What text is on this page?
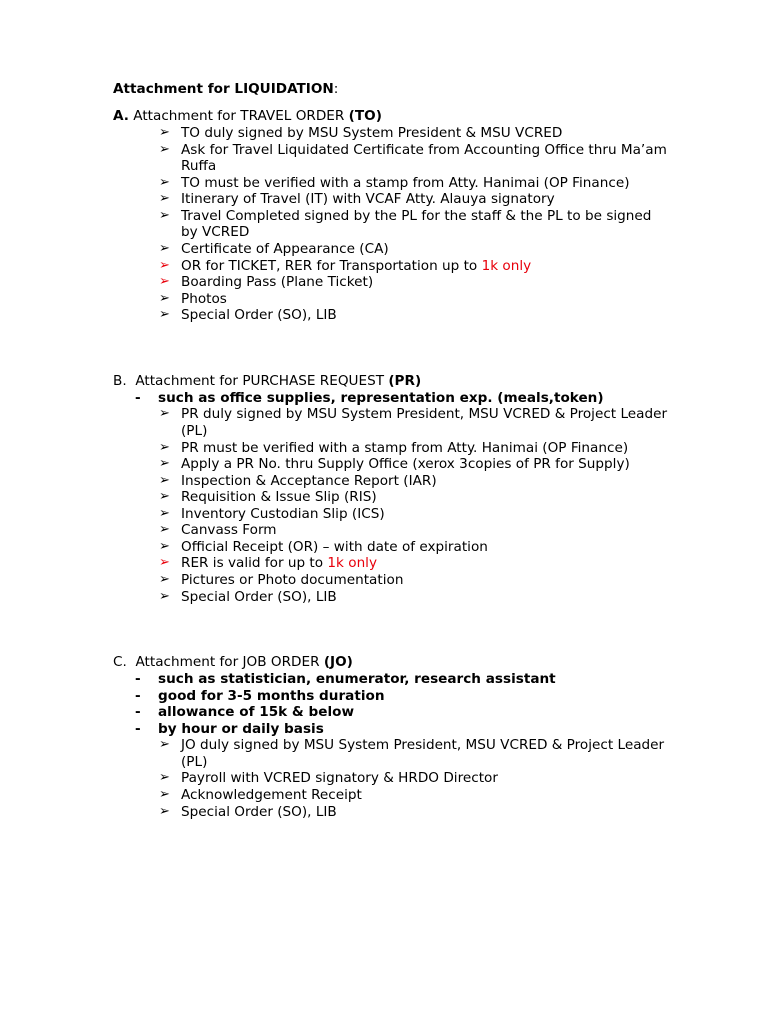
Attachment for LIQUIDATION:
A. Attachment for TRAVEL ORDER (TO)
➢ TO duly signed by MSU System President & MSU VCRED
➢ Ask for Travel Liquidated Certificate from Accounting Office thru Ma’am
Ruffa
➢ TO must be verified with a stamp from Atty. Hanimai (OP Finance)
➢ Itinerary of Travel (IT) with VCAF Atty. Alauya signatory
➢ Travel Completed signed by the PL for the staff & the PL to be signed
by VCRED
➢ Certificate of Appearance (CA)
➢ OR for TICKET, RER for Transportation up to 1k only
➢ Boarding Pass (Plane Ticket)
➢ Photos
➢ Special Order (SO), LIB
B. Attachment for PURCHASE REQUEST (PR)
- such as office supplies, representation exp. (meals,token)
➢ PR duly signed by MSU System President, MSU VCRED & Project Leader
(PL)
➢ PR must be verified with a stamp from Atty. Hanimai (OP Finance)
➢ Apply a PR No. thru Supply Office (xerox 3copies of PR for Supply)
➢ Inspection & Acceptance Report (IAR)
➢ Requisition & Issue Slip (RIS)
➢ Inventory Custodian Slip (ICS)
➢ Canvass Form
➢ Official Receipt (OR) – with date of expiration
➢ RER is valid for up to 1k only
➢ Pictures or Photo documentation
➢ Special Order (SO), LIB
C. Attachment for JOB ORDER (JO)
- such as statistician, enumerator, research assistant
- good for 3-5 months duration
- allowance of 15k & below
- by hour or daily basis
➢ JO duly signed by MSU System President, MSU VCRED & Project Leader
(PL)
➢ Payroll with VCRED signatory & HRDO Director
➢ Acknowledgement Receipt
➢ Special Order (SO), LIB
